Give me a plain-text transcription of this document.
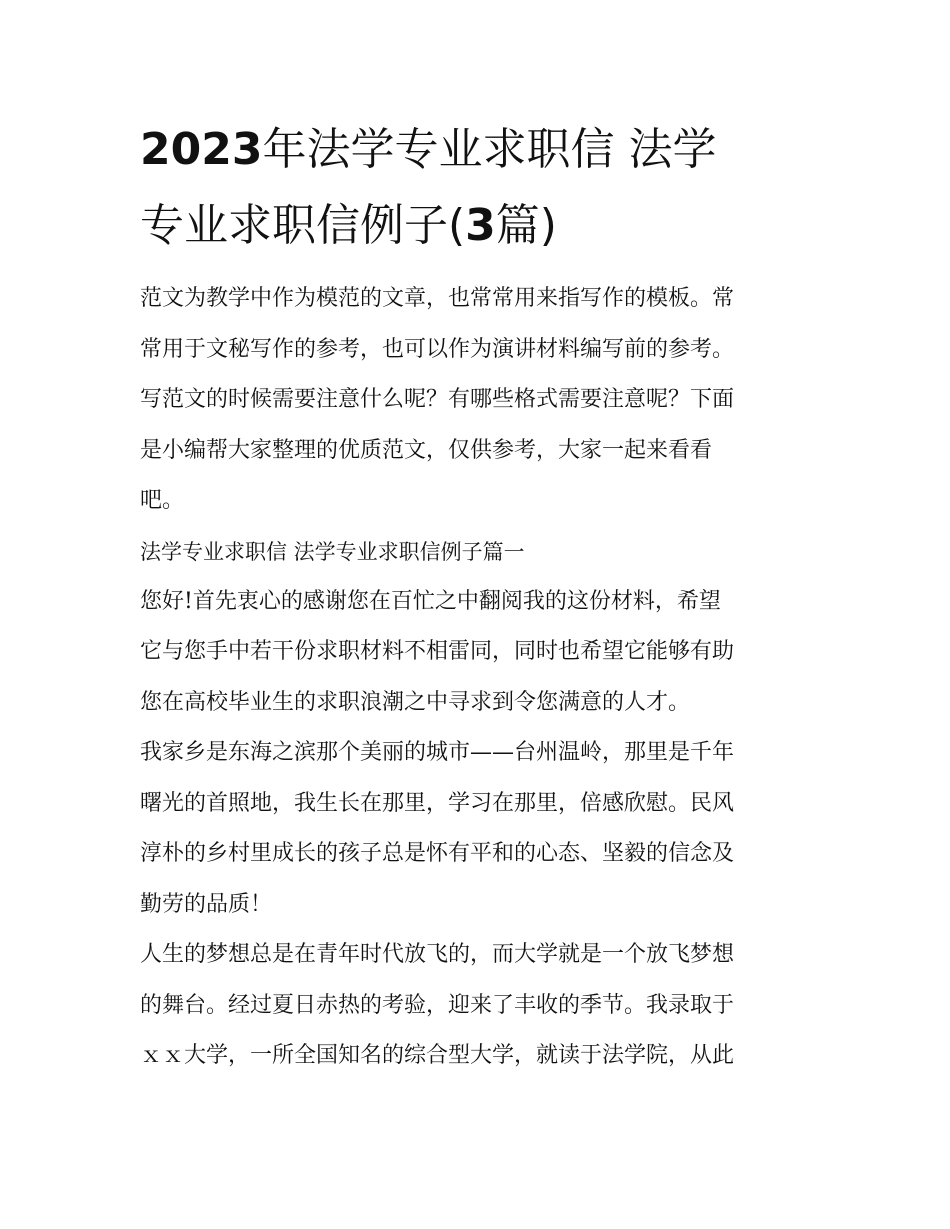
2023年法学专业求职信 法学
专业求职信例子(3篇)

范文为教学中作为模范的文章，也常常用来指写作的模板。常
常用于文秘写作的参考，也可以作为演讲材料编写前的参考。
写范文的时候需要注意什么呢？有哪些格式需要注意呢？下面
是小编帮大家整理的优质范文，仅供参考，大家一起来看看
吧。

法学专业求职信 法学专业求职信例子篇一

您好!首先衷心的感谢您在百忙之中翻阅我的这份材料，希望
它与您手中若干份求职材料不相雷同，同时也希望它能够有助
您在高校毕业生的求职浪潮之中寻求到令您满意的人才。

我家乡是东海之滨那个美丽的城市——台州温岭，那里是千年
曙光的首照地，我生长在那里，学习在那里，倍感欣慰。民风
淳朴的乡村里成长的孩子总是怀有平和的心态、坚毅的信念及
勤劳的品质！

人生的梦想总是在青年时代放飞的，而大学就是一个放飞梦想
的舞台。经过夏日赤热的考验，迎来了丰收的季节。我录取于
ｘｘ大学，一所全国知名的综合型大学，就读于法学院，从此
